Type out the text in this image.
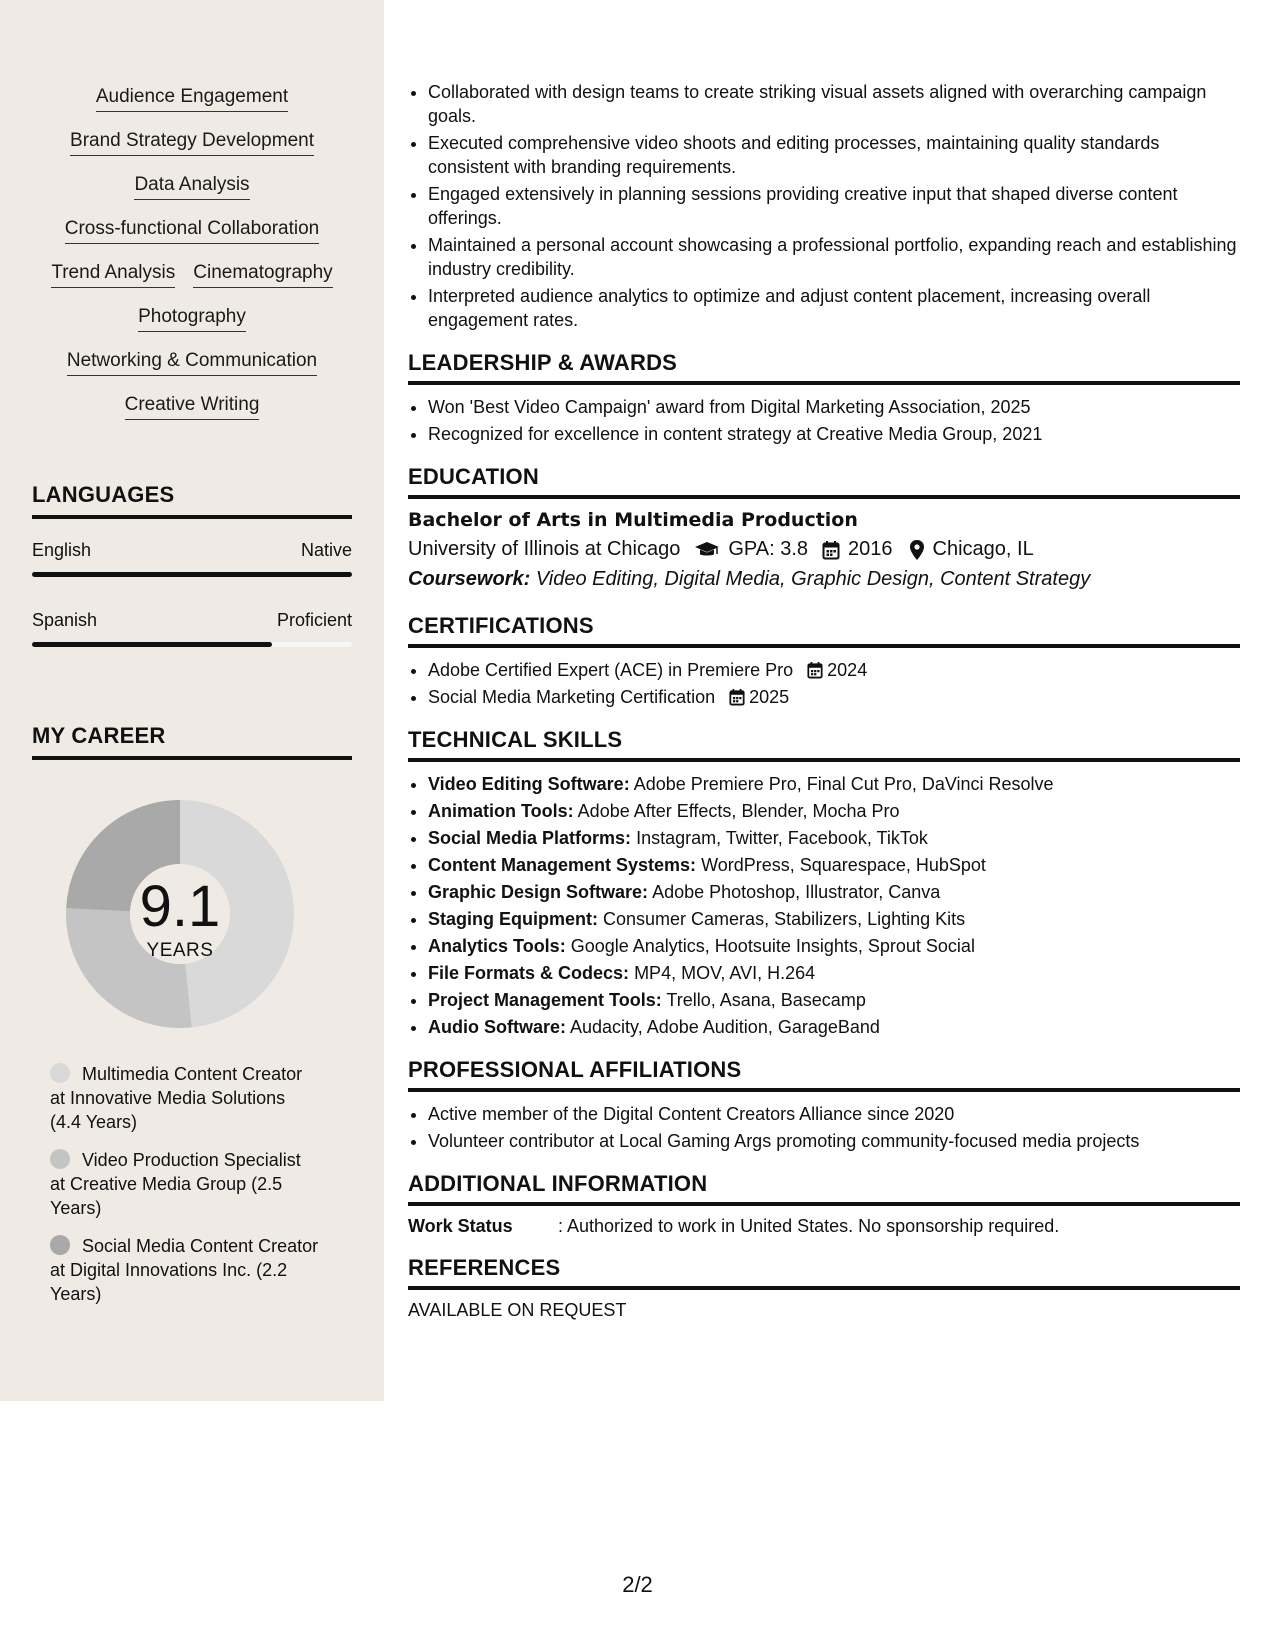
Audience Engagement
Brand Strategy Development
Data Analysis
Cross-functional Collaboration
Trend Analysis Cinematography
Photography
Networking & Communication
Creative Writing
LANGUAGES
English	Native
Spanish	Proficient
MY CAREER
9.1
YEARS
Multimedia Content Creator at Innovative Media Solutions (4.4 Years)
Video Production Specialist at Creative Media Group (2.5 Years)
Social Media Content Creator at Digital Innovations Inc. (2.2 Years)
• Collaborated with design teams to create striking visual assets aligned with overarching campaign goals.
• Executed comprehensive video shoots and editing processes, maintaining quality standards consistent with branding requirements.
• Engaged extensively in planning sessions providing creative input that shaped diverse content offerings.
• Maintained a personal account showcasing a professional portfolio, expanding reach and establishing industry credibility.
• Interpreted audience analytics to optimize and adjust content placement, increasing overall engagement rates.
LEADERSHIP & AWARDS
• Won 'Best Video Campaign' award from Digital Marketing Association, 2025
• Recognized for excellence in content strategy at Creative Media Group, 2021
EDUCATION
Bachelor of Arts in Multimedia Production
University of Illinois at Chicago GPA: 3.8 2016 Chicago, IL
Coursework: Video Editing, Digital Media, Graphic Design, Content Strategy
CERTIFICATIONS
• Adobe Certified Expert (ACE) in Premiere Pro 2024
• Social Media Marketing Certification 2025
TECHNICAL SKILLS
• Video Editing Software: Adobe Premiere Pro, Final Cut Pro, DaVinci Resolve
• Animation Tools: Adobe After Effects, Blender, Mocha Pro
• Social Media Platforms: Instagram, Twitter, Facebook, TikTok
• Content Management Systems: WordPress, Squarespace, HubSpot
• Graphic Design Software: Adobe Photoshop, Illustrator, Canva
• Staging Equipment: Consumer Cameras, Stabilizers, Lighting Kits
• Analytics Tools: Google Analytics, Hootsuite Insights, Sprout Social
• File Formats & Codecs: MP4, MOV, AVI, H.264
• Project Management Tools: Trello, Asana, Basecamp
• Audio Software: Audacity, Adobe Audition, GarageBand
PROFESSIONAL AFFILIATIONS
• Active member of the Digital Content Creators Alliance since 2020
• Volunteer contributor at Local Gaming Args promoting community-focused media projects
ADDITIONAL INFORMATION
Work Status	: Authorized to work in United States. No sponsorship required.
REFERENCES
AVAILABLE ON REQUEST
2/2
